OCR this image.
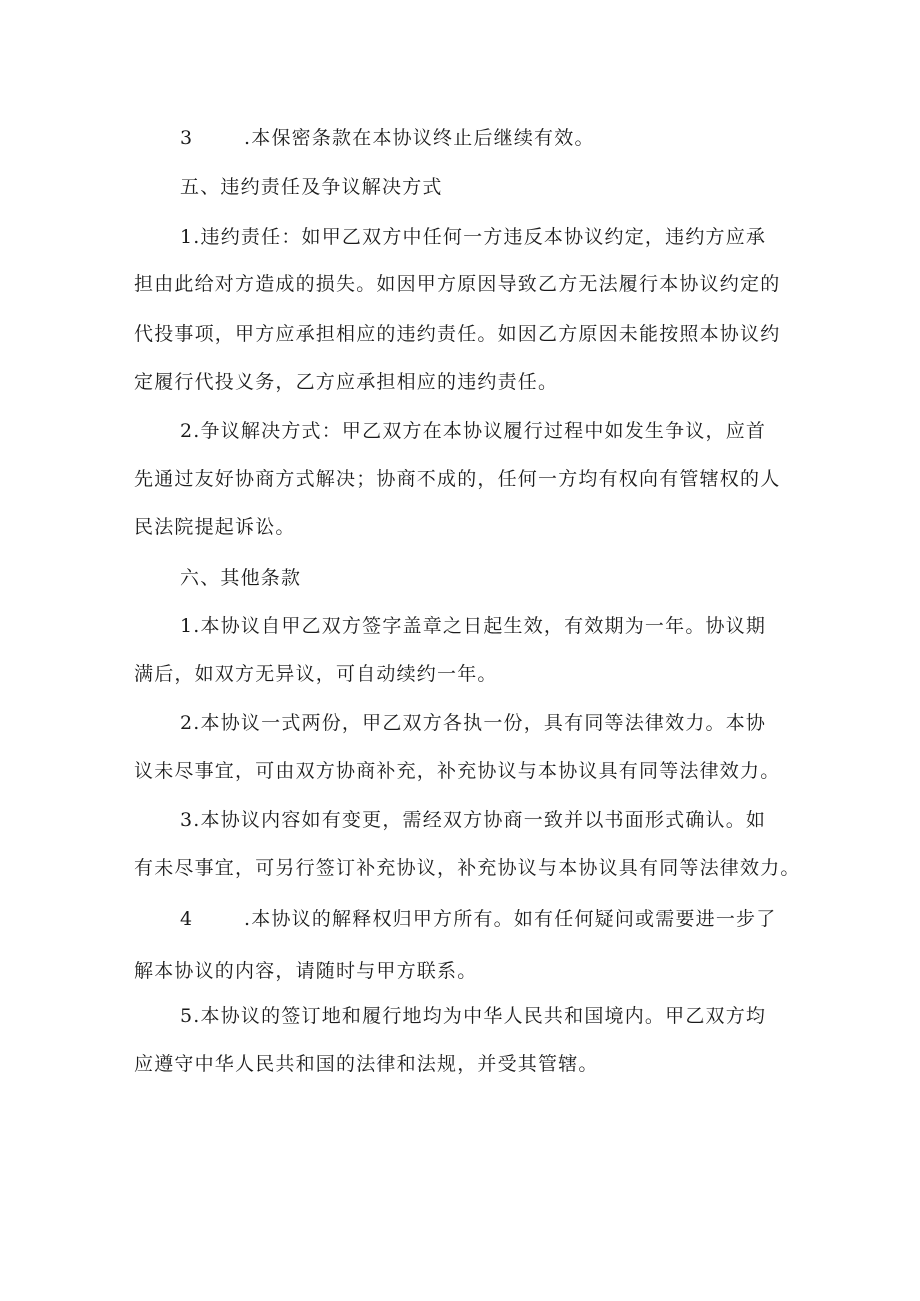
3	.本保密条款在本协议终止后继续有效。
五、违约责任及争议解决方式
1.违约责任：如甲乙双方中任何一方违反本协议约定，违约方应承
担由此给对方造成的损失。如因甲方原因导致乙方无法履行本协议约定的
代投事项，甲方应承担相应的违约责任。如因乙方原因未能按照本协议约
定履行代投义务，乙方应承担相应的违约责任。
2.争议解决方式：甲乙双方在本协议履行过程中如发生争议，应首
先通过友好协商方式解决；协商不成的，任何一方均有权向有管辖权的人
民法院提起诉讼。
六、其他条款
1.本协议自甲乙双方签字盖章之日起生效，有效期为一年。协议期
满后，如双方无异议，可自动续约一年。
2.本协议一式两份，甲乙双方各执一份，具有同等法律效力。本协
议未尽事宜，可由双方协商补充，补充协议与本协议具有同等法律效力。
3.本协议内容如有变更，需经双方协商一致并以书面形式确认。如
有未尽事宜，可另行签订补充协议，补充协议与本协议具有同等法律效力。
4	.本协议的解释权归甲方所有。如有任何疑问或需要进一步了
解本协议的内容，请随时与甲方联系。
5.本协议的签订地和履行地均为中华人民共和国境内。甲乙双方均
应遵守中华人民共和国的法律和法规，并受其管辖。
